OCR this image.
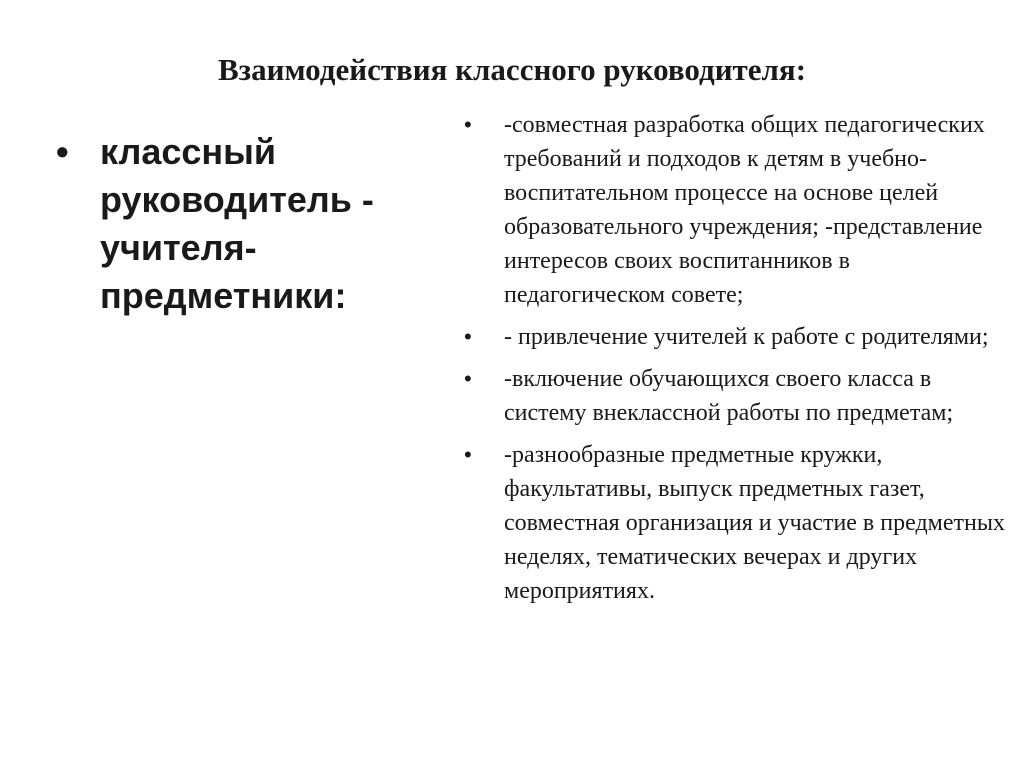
Взаимодействия классного руководителя:

• классный руководитель - учителя-предметники:

• -совместная разработка общих педагогических требований и подходов к детям в учебно-воспитательном процессе на основе целей образовательного учреждения; -представление интересов своих воспитанников в педагогическом совете;

• - привлечение учителей к работе с родителями;

• -включение обучающихся своего класса в систему внеклассной работы по предметам;

• -разнообразные предметные кружки, факультативы, выпуск предметных газет, совместная организация и участие в предметных неделях, тематических вечерах и других мероприятиях.
